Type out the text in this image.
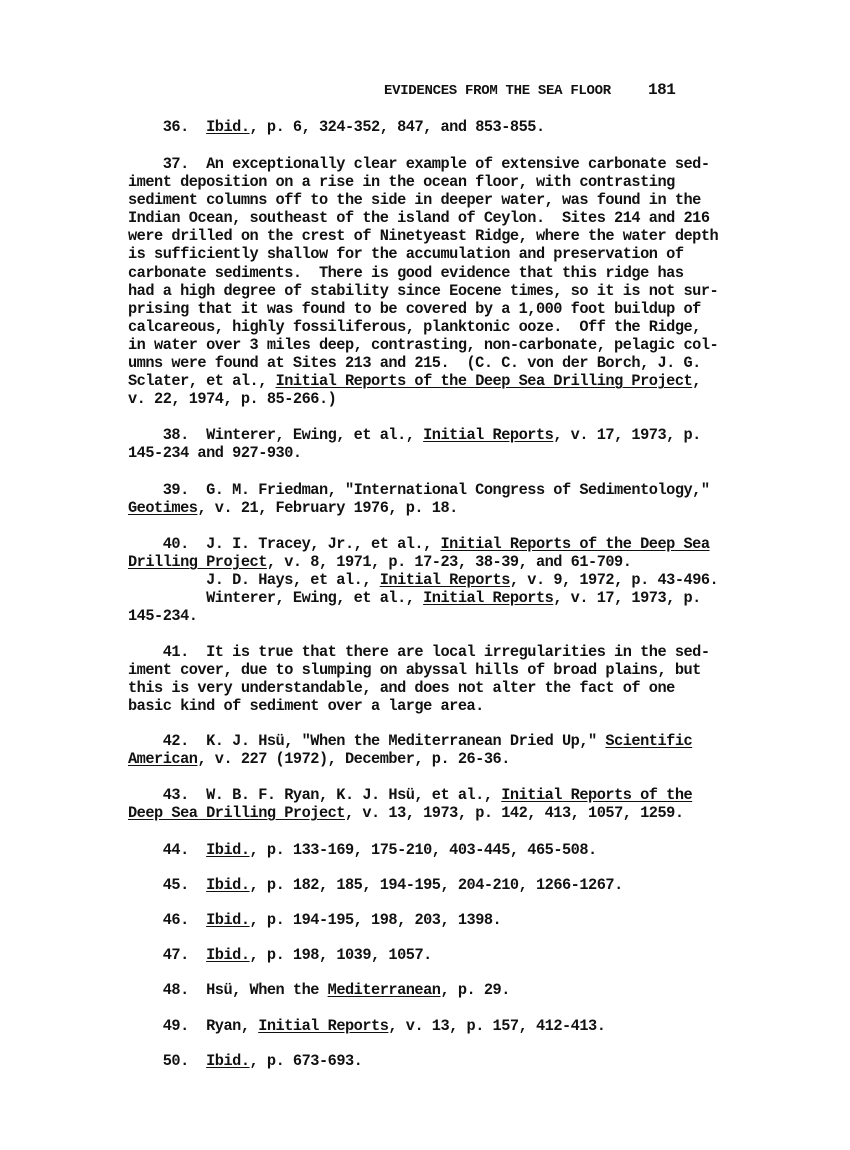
EVIDENCES FROM THE SEA FLOOR 181

36.  Ibid., p. 6, 324-352, 847, and 853-855.

37.  An exceptionally clear example of extensive carbonate sed-

iment deposition on a rise in the ocean floor, with contrasting

sediment columns off to the side in deeper water, was found in the

Indian Ocean, southeast of the island of Ceylon.  Sites 214 and 216

were drilled on the crest of Ninetyeast Ridge, where the water depth

is sufficiently shallow for the accumulation and preservation of

carbonate sediments.  There is good evidence that this ridge has

had a high degree of stability since Eocene times, so it is not sur-

prising that it was found to be covered by a 1,000 foot buildup of

calcareous, highly fossiliferous, planktonic ooze.  Off the Ridge,

in water over 3 miles deep, contrasting, non-carbonate, pelagic col-

umns were found at Sites 213 and 215.  (C. C. von der Borch, J. G.

Sclater, et al., Initial Reports of the Deep Sea Drilling Project,

v. 22, 1974, p. 85-266.)

38.  Winterer, Ewing, et al., Initial Reports, v. 17, 1973, p.

145-234 and 927-930.

39.  G. M. Friedman, "International Congress of Sedimentology,"

Geotimes, v. 21, February 1976, p. 18.

40.  J. I. Tracey, Jr., et al., Initial Reports of the Deep Sea

Drilling Project, v. 8, 1971, p. 17-23, 38-39, and 61-709.

J. D. Hays, et al., Initial Reports, v. 9, 1972, p. 43-496.

Winterer, Ewing, et al., Initial Reports, v. 17, 1973, p.

145-234.

41.  It is true that there are local irregularities in the sed-

iment cover, due to slumping on abyssal hills of broad plains, but

this is very understandable, and does not alter the fact of one

basic kind of sediment over a large area.

42.  K. J. Hsü, "When the Mediterranean Dried Up," Scientific

American, v. 227 (1972), December, p. 26-36.

43.  W. B. F. Ryan, K. J. Hsü, et al., Initial Reports of the

Deep Sea Drilling Project, v. 13, 1973, p. 142, 413, 1057, 1259.

44.  Ibid., p. 133-169, 175-210, 403-445, 465-508.

45.  Ibid., p. 182, 185, 194-195, 204-210, 1266-1267.

46.  Ibid., p. 194-195, 198, 203, 1398.

47.  Ibid., p. 198, 1039, 1057.

48.  Hsü, When the Mediterranean, p. 29.

49.  Ryan, Initial Reports, v. 13, p. 157, 412-413.

50.  Ibid., p. 673-693.
